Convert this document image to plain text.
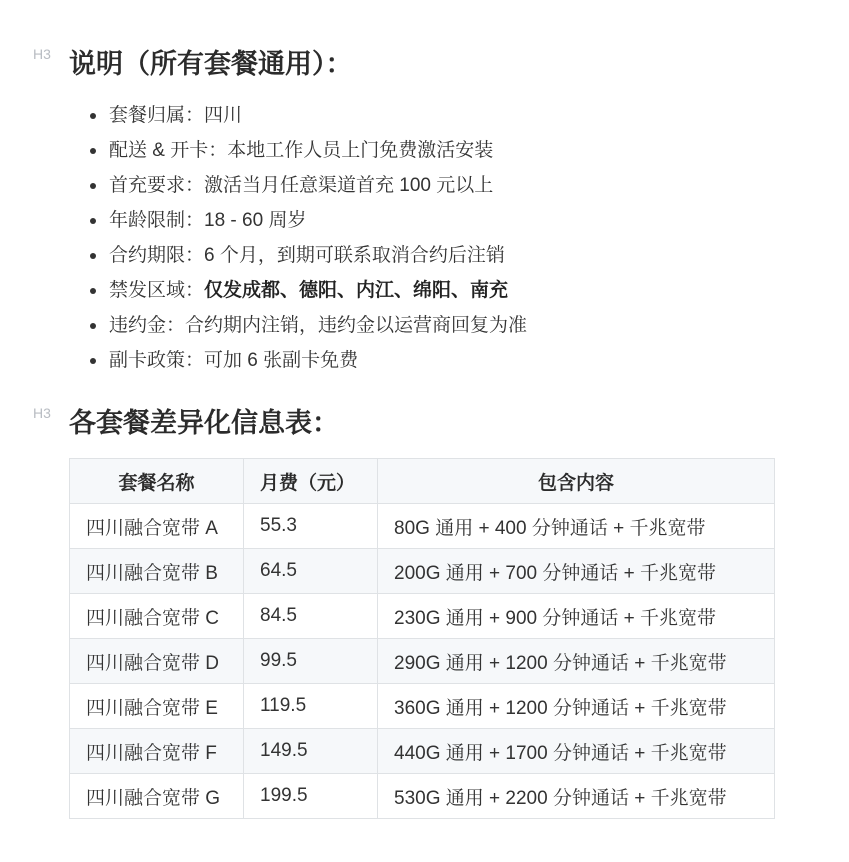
H3 说明（所有套餐通用）：
套餐归属：四川
配送 & 开卡：本地工作人员上门免费激活安装
首充要求：激活当月任意渠道首充 100 元以上
年龄限制：18 - 60 周岁
合约期限：6 个月，到期可联系取消合约后注销
禁发区域：仅发成都、德阳、内江、绵阳、南充
违约金：合约期内注销，违约金以运营商回复为准
副卡政策：可加 6 张副卡免费
H3 各套餐差异化信息表：
套餐名称	月费（元）	包含内容
四川融合宽带 A	55.3	80G 通用 + 400 分钟通话 + 千兆宽带
四川融合宽带 B	64.5	200G 通用 + 700 分钟通话 + 千兆宽带
四川融合宽带 C	84.5	230G 通用 + 900 分钟通话 + 千兆宽带
四川融合宽带 D	99.5	290G 通用 + 1200 分钟通话 + 千兆宽带
四川融合宽带 E	119.5	360G 通用 + 1200 分钟通话 + 千兆宽带
四川融合宽带 F	149.5	440G 通用 + 1700 分钟通话 + 千兆宽带
四川融合宽带 G	199.5	530G 通用 + 2200 分钟通话 + 千兆宽带
